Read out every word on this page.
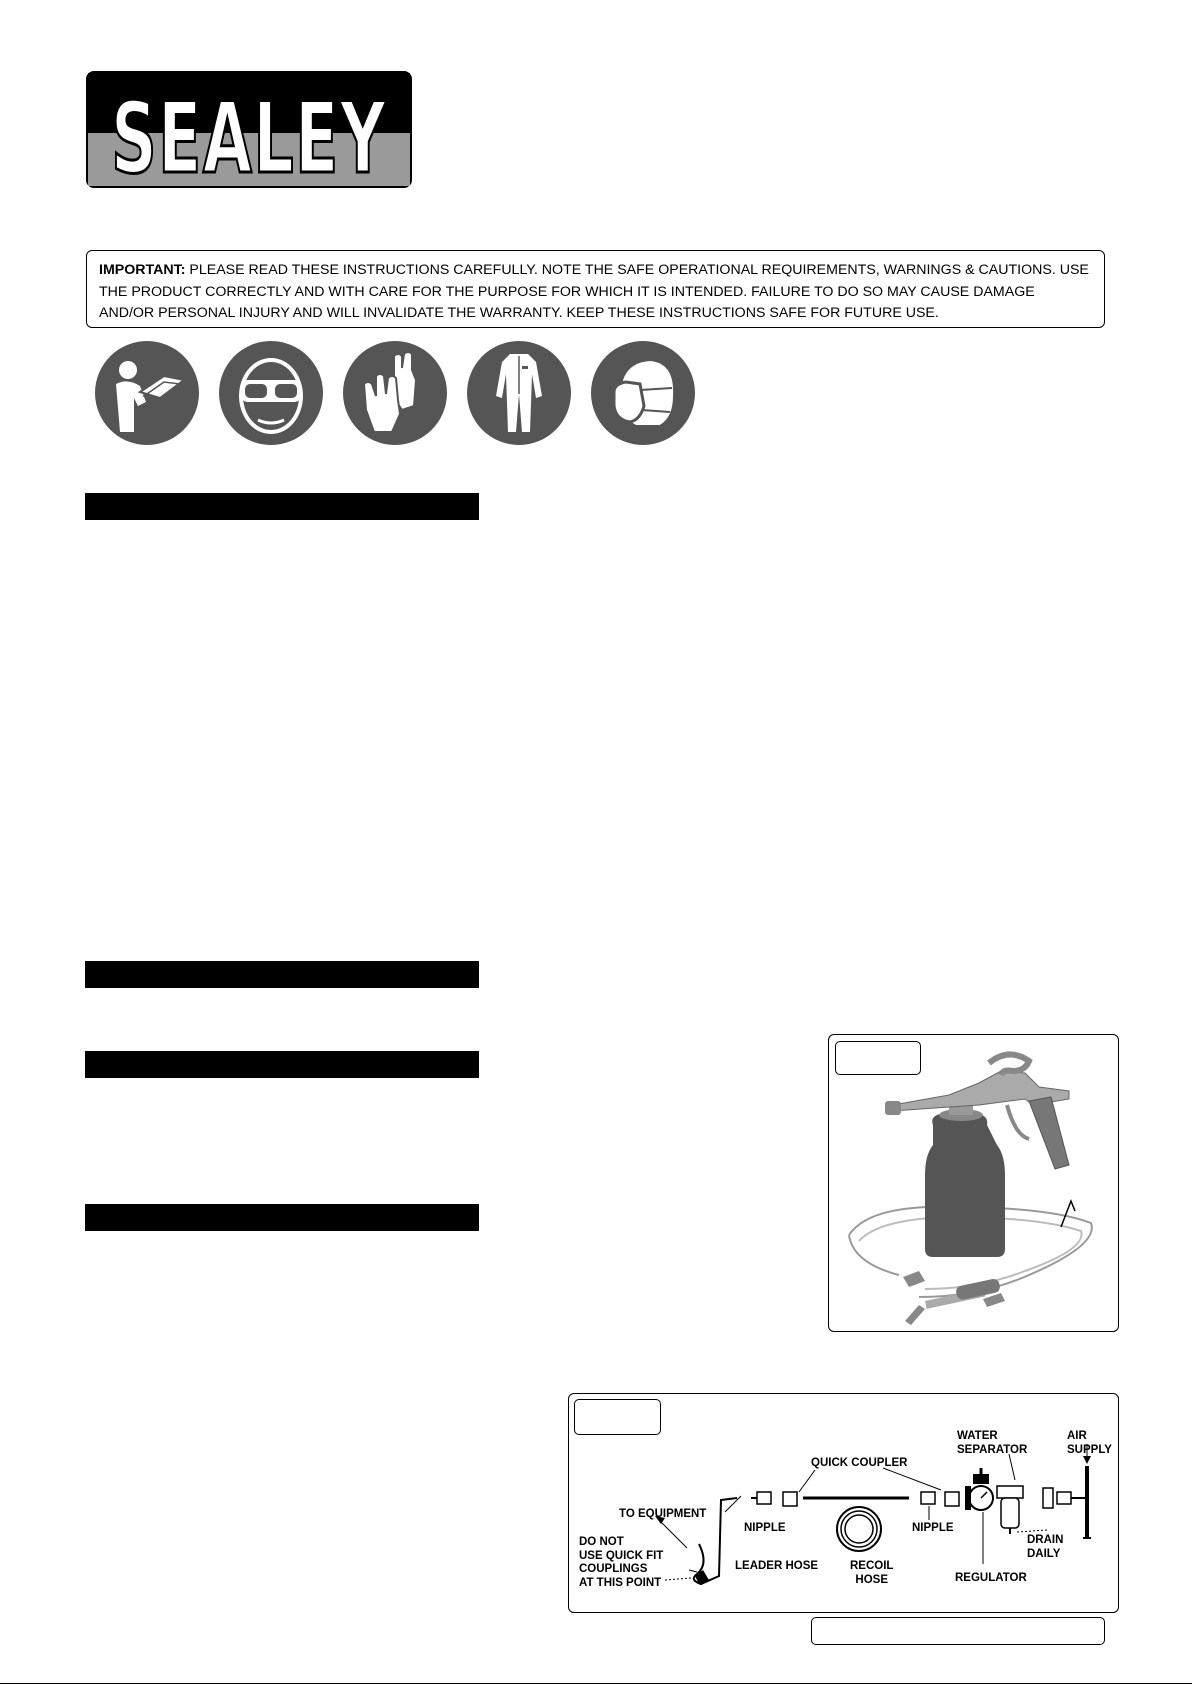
SEALEY
IMPORTANT: PLEASE READ THESE INSTRUCTIONS CAREFULLY. NOTE THE SAFE OPERATIONAL REQUIREMENTS, WARNINGS & CAUTIONS. USE THE PRODUCT CORRECTLY AND WITH CARE FOR THE PURPOSE FOR WHICH IT IS INTENDED. FAILURE TO DO SO MAY CAUSE DAMAGE AND/OR PERSONAL INJURY AND WILL INVALIDATE THE WARRANTY. KEEP THESE INSTRUCTIONS SAFE FOR FUTURE USE.
WATER
SEPARATOR
AIR
SUPPLY
QUICK COUPLER
TO EQUIPMENT
NIPPLE	NIPPLE
DRAIN
DAILY
DO NOT
USE QUICK FIT
COUPLINGS
AT THIS POINT
LEADER HOSE	RECOIL
HOSE	REGULATOR
